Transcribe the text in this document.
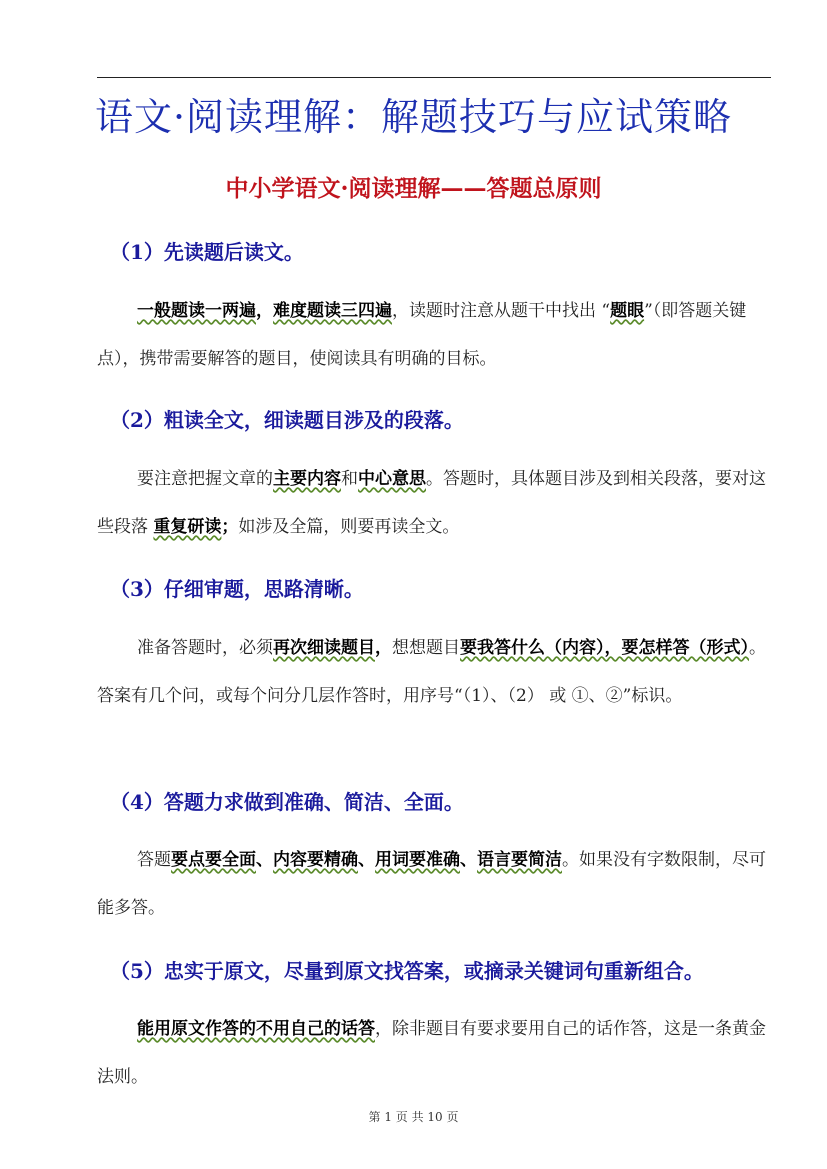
语文·阅读理解：解题技巧与应试策略
中小学语文·阅读理解——答题总原则
（1）先读题后读文。
一般题读一两遍，难度题读三四遍，读题时注意从题干中找出 “题眼”（即答题关键点），携带需要解答的题目，使阅读具有明确的目标。
（2）粗读全文，细读题目涉及的段落。
要注意把握文章的主要内容和中心意思。答题时，具体题目涉及到相关段落，要对这些段落 重复研读；如涉及全篇，则要再读全文。
（3）仔细审题，思路清晰。
准备答题时，必须再次细读题目，想想题目要我答什么（内容），要怎样答（形式）。答案有几个问，或每个问分几层作答时，用序号“（1）、（2） 或 ①、②”标识。
（4）答题力求做到准确、简洁、全面。
答题要点要全面、内容要精确、用词要准确、语言要简洁。如果没有字数限制，尽可能多答。
（5）忠实于原文，尽量到原文找答案，或摘录关键词句重新组合。
能用原文作答的不用自己的话答，除非题目有要求要用自己的话作答，这是一条黄金法则。
第 1 页 共 10 页
